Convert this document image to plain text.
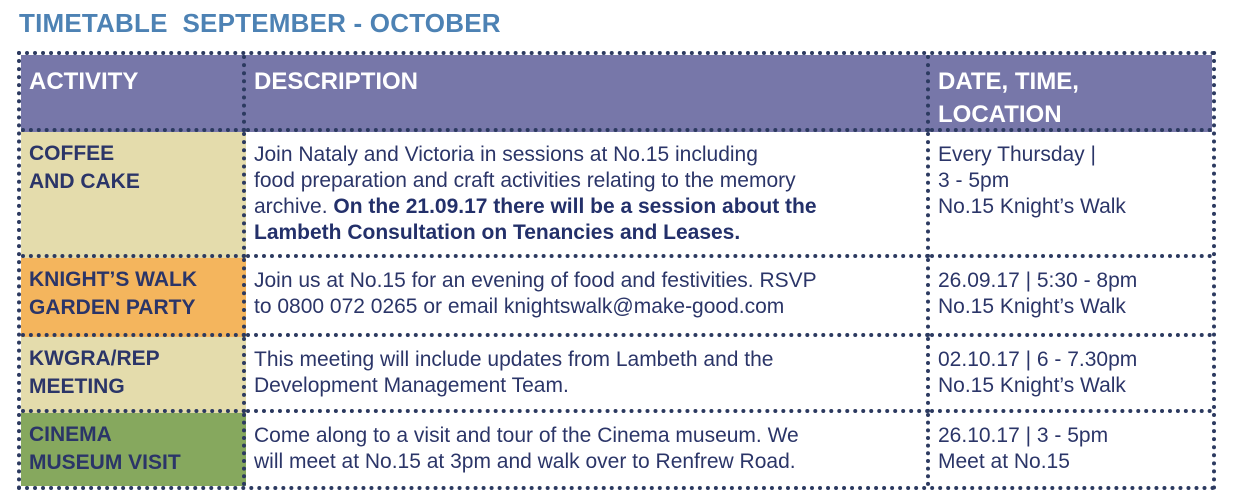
TIMETABLE  SEPTEMBER - OCTOBER
ACTIVITY	DESCRIPTION	DATE, TIME,
LOCATION
COFFEE
AND CAKE
Join Nataly and Victoria in sessions at No.15 including
food preparation and craft activities relating to the memory
archive. On the 21.09.17 there will be a session about the
Lambeth Consultation on Tenancies and Leases.
Every Thursday |
3 - 5pm
No.15 Knight’s Walk
KNIGHT’S WALK
GARDEN PARTY
Join us at No.15 for an evening of food and festivities. RSVP
to 0800 072 0265 or email knightswalk@make-good.com
26.09.17 | 5:30 - 8pm
No.15 Knight’s Walk
KWGRA/REP
MEETING
This meeting will include updates from Lambeth and the
Development Management Team.
02.10.17 | 6 - 7.30pm
No.15 Knight’s Walk
CINEMA
MUSEUM VISIT
Come along to a visit and tour of the Cinema museum. We
will meet at No.15 at 3pm and walk over to Renfrew Road.
26.10.17 | 3 - 5pm
Meet at No.15
